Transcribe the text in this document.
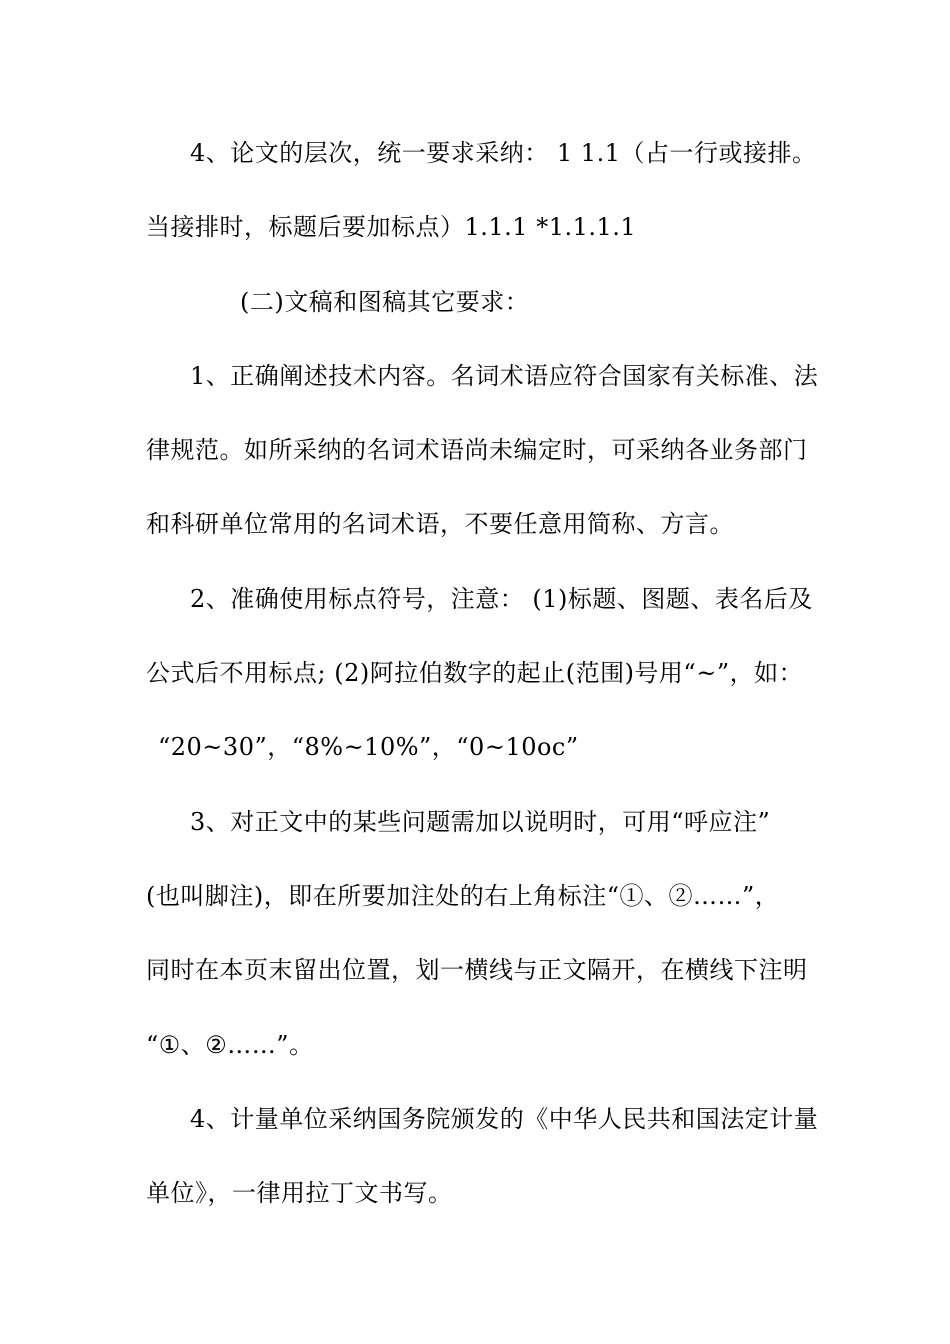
4、论文的层次，统一要求采纳： 1 1.1（占一行或接排。
当接排时，标题后要加标点）1.1.1 *1.1.1.1
(二)文稿和图稿其它要求：
1、正确阐述技术内容。名词术语应符合国家有关标准、法
律规范。如所采纳的名词术语尚未编定时，可采纳各业务部门
和科研单位常用的名词术语，不要任意用简称、方言。
2、准确使用标点符号，注意： (1)标题、图题、表名后及
公式后不用标点; (2)阿拉伯数字的起止(范围)号用“~”，如：
“20~30”，“8%~10%”，“0~10oc”
3、对正文中的某些问题需加以说明时，可用“呼应注”
(也叫脚注)，即在所要加注处的右上角标注“①、②……”，
同时在本页末留出位置，划一横线与正文隔开，在横线下注明
“①、②……”。
4、计量单位采纳国务院颁发的《中华人民共和国法定计量
单位》，一律用拉丁文书写。
